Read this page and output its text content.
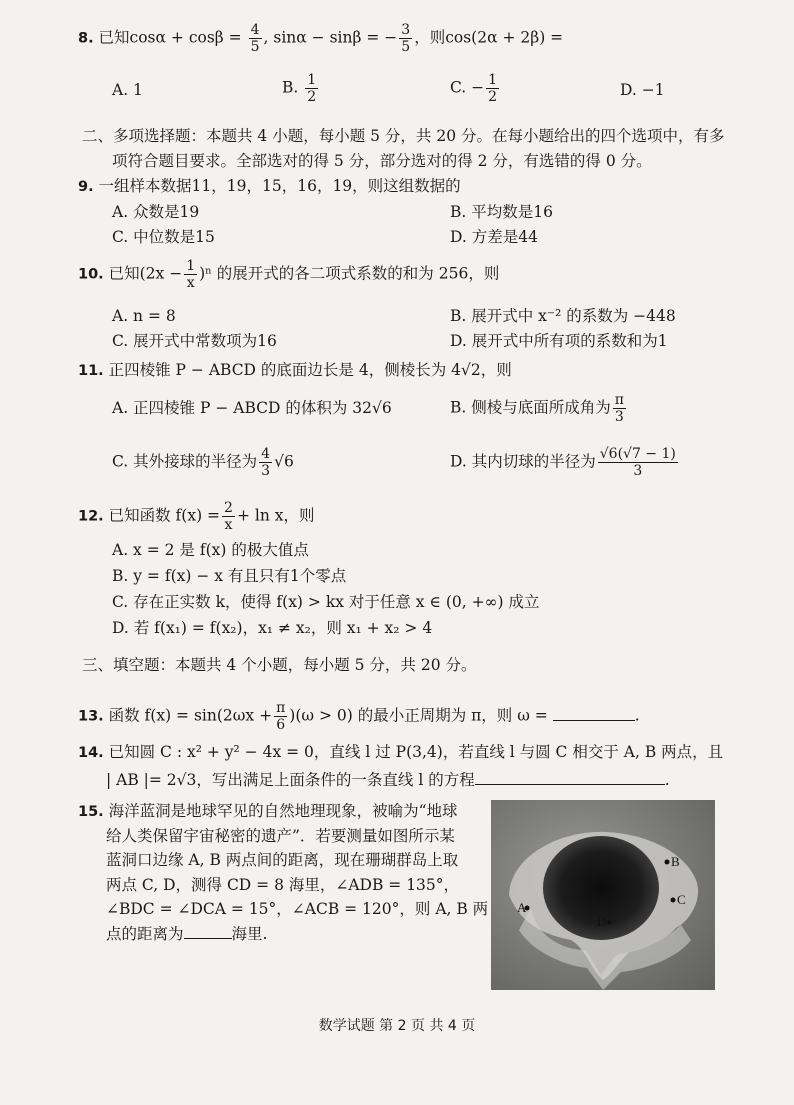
8. 已知$\cos\alpha + \cos\beta = \frac{4}{5}$ , sinα − sinβ = − $\frac{3}{5}$ ，则cos(2α + 2β) =
A. 1	B. $\frac{1}{2}$	C. − $\frac{1}{2}$	D. −1
二、多项选择题：本题共 4 小题，每小题 5 分，共 20 分。在每小题给出的四个选项中，有多
项符合题目要求。全部选对的得 5 分，部分选对的得 2 分，有选错的得 0 分。
9. 一组样本数据11，19，15，16，19，则这组数据的
A. 众数是19	B. 平均数是16
C. 中位数是15	D. 方差是44
10. 已知$(2x - \frac{1}{x} )^n$ 的展开式的各二项式系数的和为 256，则
A. n = 8	B. 展开式中 x⁻² 的系数为 −448
C. 展开式中常数项为16	D. 展开式中所有项的系数和为1
11. 正四棱锥 P − ABCD 的底面边长是 4，侧棱长为 4√2，则
A. 正四棱锥 P − ABCD 的体积为 32√6	B. 侧棱与底面所成角为 $\frac{\pi}{3}$
C. 其外接球的半径为 $\frac{4}{3} √6$	D. 其内切球的半径为 $\frac{√6(√7 - 1)}{3}$
12. 已知函数 $f(x) = \frac{2}{x} + \ln x$，则
A. x = 2 是 f(x) 的极大值点
B. y = f(x) − x 有且只有1个零点
C. 存在正实数 k，使得 f(x) > kx 对于任意 x ∈ (0, +∞) 成立
D. 若 f(x₁) = f(x₂)，x₁ ≠ x₂，则 x₁ + x₂ > 4
三、填空题：本题共 4 个小题，每小题 5 分，共 20 分。
13. 函数 $f(x) = \sin(2\omega x + \frac{\pi}{6} )(\omega > 0)$ 的最小正周期为 π，则 ω =	.
14. 已知圆 C : x² + y² − 4x = 0，直线 l 过 P(3,4)，若直线 l 与圆 C 相交于 A, B 两点，且
| AB |= 2√3，写出满足上面条件的一条直线 l 的方程	.
15. 海洋蓝洞是地球罕见的自然地理现象，被喻为“地球
给人类保留宇宙秘密的遗产”．若要测量如图所示某
蓝洞口边缘 A, B 两点间的距离，现在珊瑚群岛上取
两点 C, D，测得 CD = 8 海里，∠ADB = 135°，
∠BDC = ∠DCA = 15°，∠ACB = 120°，则 A, B 两
点的距离为	海里.
A
B
C
D
数学试题 第 2 页 共 4 页
